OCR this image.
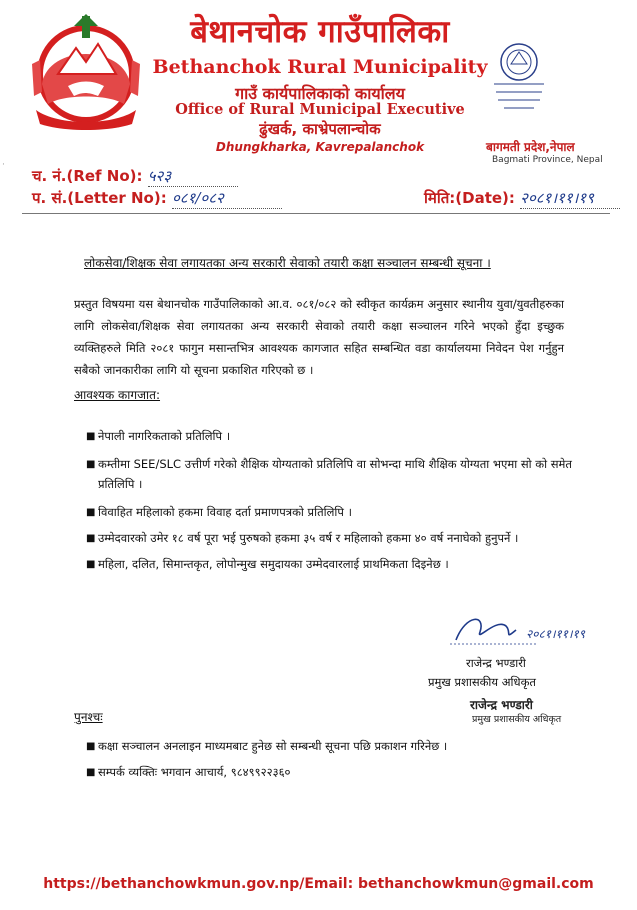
बेथानचोक गाउँपालिका
Bethanchok Rural Municipality
गाउँ कार्यपालिकाको कार्यालय
Office of Rural Municipal Executive
ढुंखर्क, काभ्रेपलान्चोक
Dhungkharka, Kavrepalanchok	बागमती प्रदेश,नेपाल
Bagmati Province, Nepal
·
च. नं.(Ref No): ५२३
प. सं.(Letter No): ०८१/०८२	मिति:(Date): २०८१।११।१९
लोकसेवा/शिक्षक सेवा लगायतका अन्य सरकारी सेवाको तयारी कक्षा सञ्चालन सम्बन्धी सूचना ।
प्रस्तुत विषयमा यस बेथानचोक गाउँपालिकाको आ.व. ०८१/०८२ को स्वीकृत कार्यक्रम अनुसार स्थानीय युवा/युवतीहरुका लागि लोकसेवा/शिक्षक सेवा लगायतका अन्य सरकारी सेवाको तयारी कक्षा सञ्चालन गरिने भएको हुँदा इच्छुक व्यक्तिहरुले मिति २०८१ फागुन मसान्तभित्र आवश्यक कागजात सहित सम्बन्धित वडा कार्यालयमा निवेदन पेश गर्नुहुन सबैको जानकारीका लागि यो सूचना प्रकाशित गरिएको छ ।
आवश्यक कागजात:
■ नेपाली नागरिकताको प्रतिलिपि ।
■ कम्तीमा SEE/SLC उत्तीर्ण गरेको शैक्षिक योग्यताको प्रतिलिपि वा सोभन्दा माथि शैक्षिक योग्यता भएमा सो को समेत प्रतिलिपि ।
■ विवाहित महिलाको हकमा विवाह दर्ता प्रमाणपत्रको प्रतिलिपि ।
■ उम्मेदवारको उमेर १८ वर्ष पूरा भई पुरुषको हकमा ३५ वर्ष र महिलाको हकमा ४० वर्ष ननाघेको हुनुपर्ने ।
■ महिला, दलित, सिमान्तकृत, लोपोन्मुख समुदायका उम्मेदवारलाई प्राथमिकता दिइनेछ ।
२०८१।११।१९
राजेन्द्र भण्डारी
प्रमुख प्रशासकीय अधिकृत
राजेन्द्र भण्डारी
प्रमुख प्रशासकीय अधिकृत
पुनश्चः
■ कक्षा सञ्चालन अनलाइन माध्यमबाट हुनेछ सो सम्बन्धी सूचना पछि प्रकाशन गरिनेछ ।
■ सम्पर्क व्यक्तिः भगवान आचार्य, ९८४९९२२३६०
https://bethanchowkmun.gov.np/Email: bethanchowkmun@gmail.com
